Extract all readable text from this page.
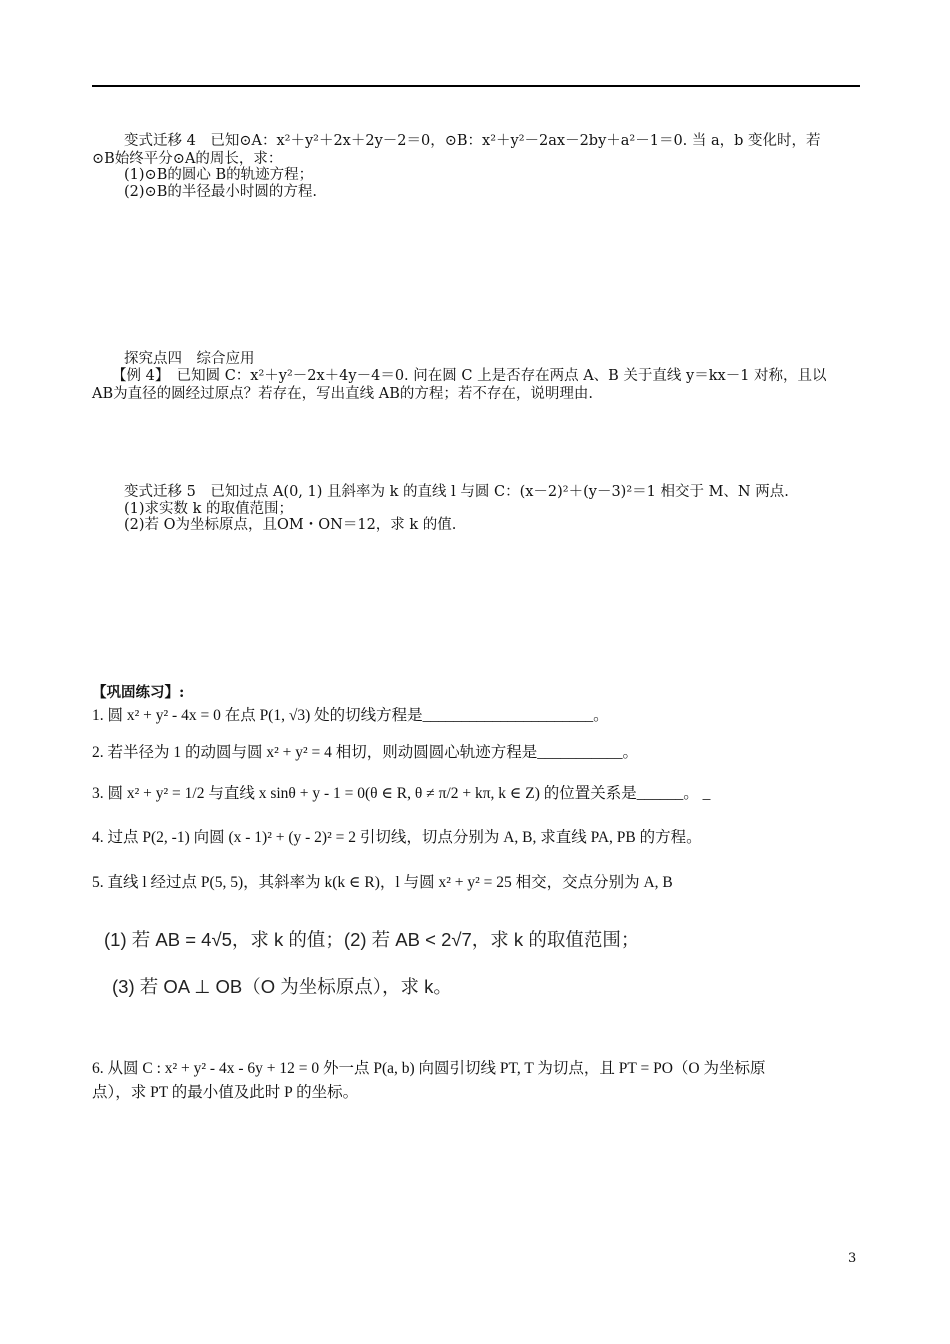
变式迁移 4　已知⊙A：x²＋y²＋2x＋2y－2＝0，⊙B：x²＋y²－2ax－2by＋a²－1＝0. 当 a，b 变化时，若
⊙B始终平分⊙A的周长，求：
(1)⊙B的圆心 B的轨迹方程；
(2)⊙B的半径最小时圆的方程.
探究点四　综合应用
【例 4】　已知圆 C：x²＋y²－2x＋4y－4＝0. 问在圆 C 上是否存在两点 A、B 关于直线 y＝kx－1 对称，且以
AB为直径的圆经过原点？若存在，写出直线 AB的方程；若不存在，说明理由.
变式迁移 5　已知过点 A(0, 1) 且斜率为 k 的直线 l 与圆 C：(x－2)²＋(y－3)²＝1 相交于 M、N 两点.
(1)求实数 k 的取值范围；
(2)若 O为坐标原点，且OM・ON＝12，求 k 的值.
【巩固练习】:
1. 圆 x² + y² - 4x = 0 在点 P(1, √3) 处的切线方程是______________________。
2. 若半径为 1 的动圆与圆 x² + y² = 4 相切，则动圆圆心轨迹方程是___________。
3. 圆 x² + y² = 1/2 与直线 x sinθ + y - 1 = 0(θ ∈ R, θ ≠ π/2 + kπ, k ∈ Z) 的位置关系是______。 _
4. 过点 P(2, -1) 向圆 (x - 1)² + (y - 2)² = 2 引切线，切点分别为 A, B, 求直线 PA, PB 的方程。
5. 直线 l 经过点 P(5, 5)，其斜率为 k(k ∈ R)，l 与圆 x² + y² = 25 相交，交点分别为 A, B
(1) 若 AB = 4√5，求 k 的值；(2) 若 AB < 2√7，求 k 的取值范围；
(3) 若 OA ⊥ OB（O 为坐标原点），求 k。
6. 从圆 C : x² + y² - 4x - 6y + 12 = 0 外一点 P(a, b) 向圆引切线 PT, T 为切点，且 PT = PO（O 为坐标原
点），求 PT 的最小值及此时 P 的坐标。
3
